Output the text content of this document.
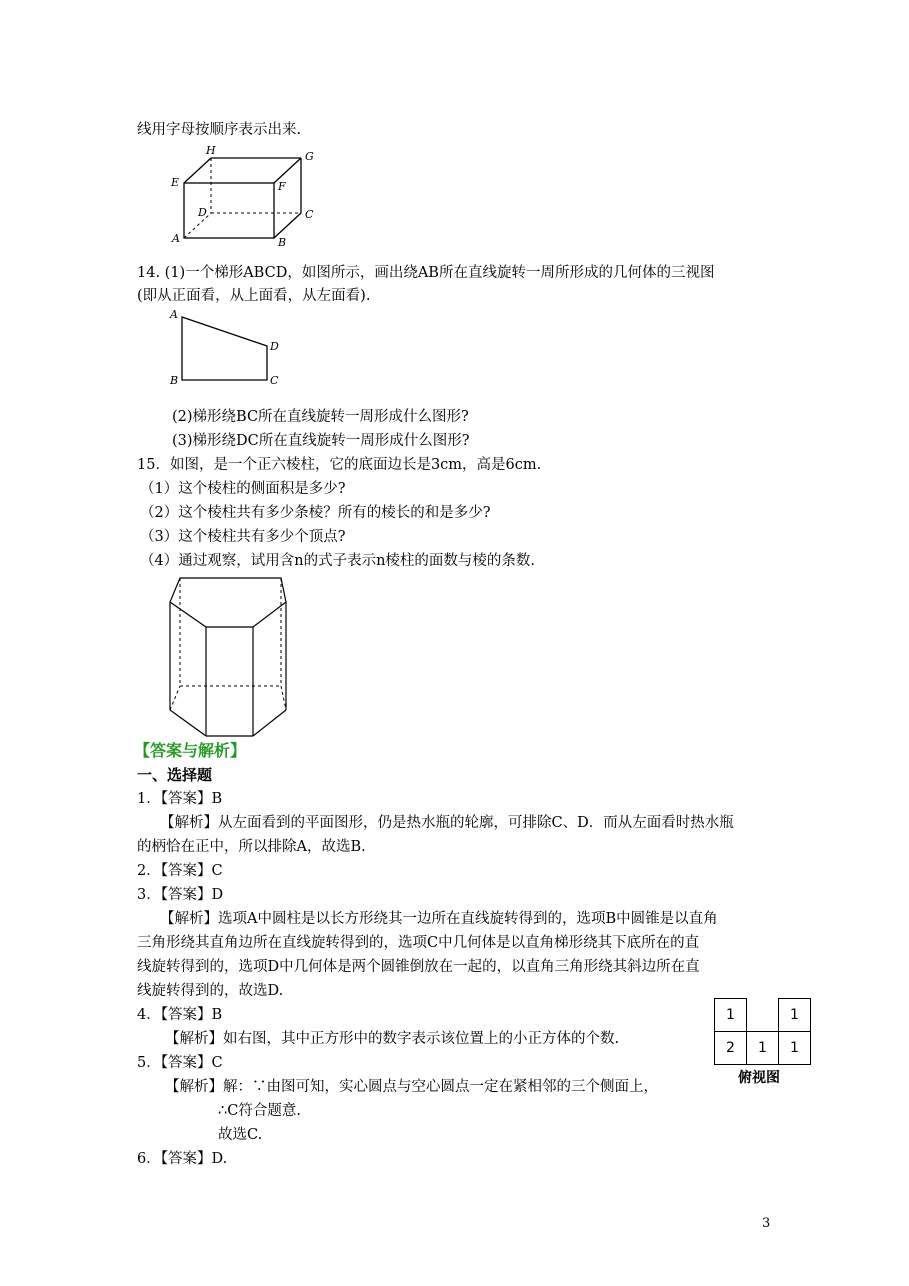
线用字母按顺序表示出来.
H	G
E	F
D	C
A	B
14. (1)一个梯形ABCD，如图所示，画出绕AB所在直线旋转一周所形成的几何体的三视图
(即从正面看，从上面看，从左面看).
A
D
B	C
(2)梯形绕BC所在直线旋转一周形成什么图形?
(3)梯形绕DC所在直线旋转一周形成什么图形?
15．如图，是一个正六棱柱，它的底面边长是3cm，高是6cm.
（1）这个棱柱的侧面积是多少?
（2）这个棱柱共有多少条棱？所有的棱长的和是多少?
（3）这个棱柱共有多少个顶点?
（4）通过观察，试用含n的式子表示n棱柱的面数与棱的条数.
【答案与解析】
一、选择题
1．【答案】B
【解析】从左面看到的平面图形，仍是热水瓶的轮廓，可排除C、D．而从左面看时热水瓶
的柄恰在正中，所以排除A，故选B.
2．【答案】C
3．【答案】D
【解析】选项A中圆柱是以长方形绕其一边所在直线旋转得到的，选项B中圆锥是以直角
三角形绕其直角边所在直线旋转得到的，选项C中几何体是以直角梯形绕其下底所在的直
线旋转得到的，选项D中几何体是两个圆锥倒放在一起的，以直角三角形绕其斜边所在直
线旋转得到的，故选D.
4．【答案】B
【解析】如右图，其中正方形中的数字表示该位置上的小正方体的个数.
5．【答案】C
【解析】解：∵由图可知，实心圆点与空心圆点一定在紧相邻的三个侧面上，
∴C符合题意.
故选C.
6．【答案】D.
1		1
2	1	1
俯视图
3
